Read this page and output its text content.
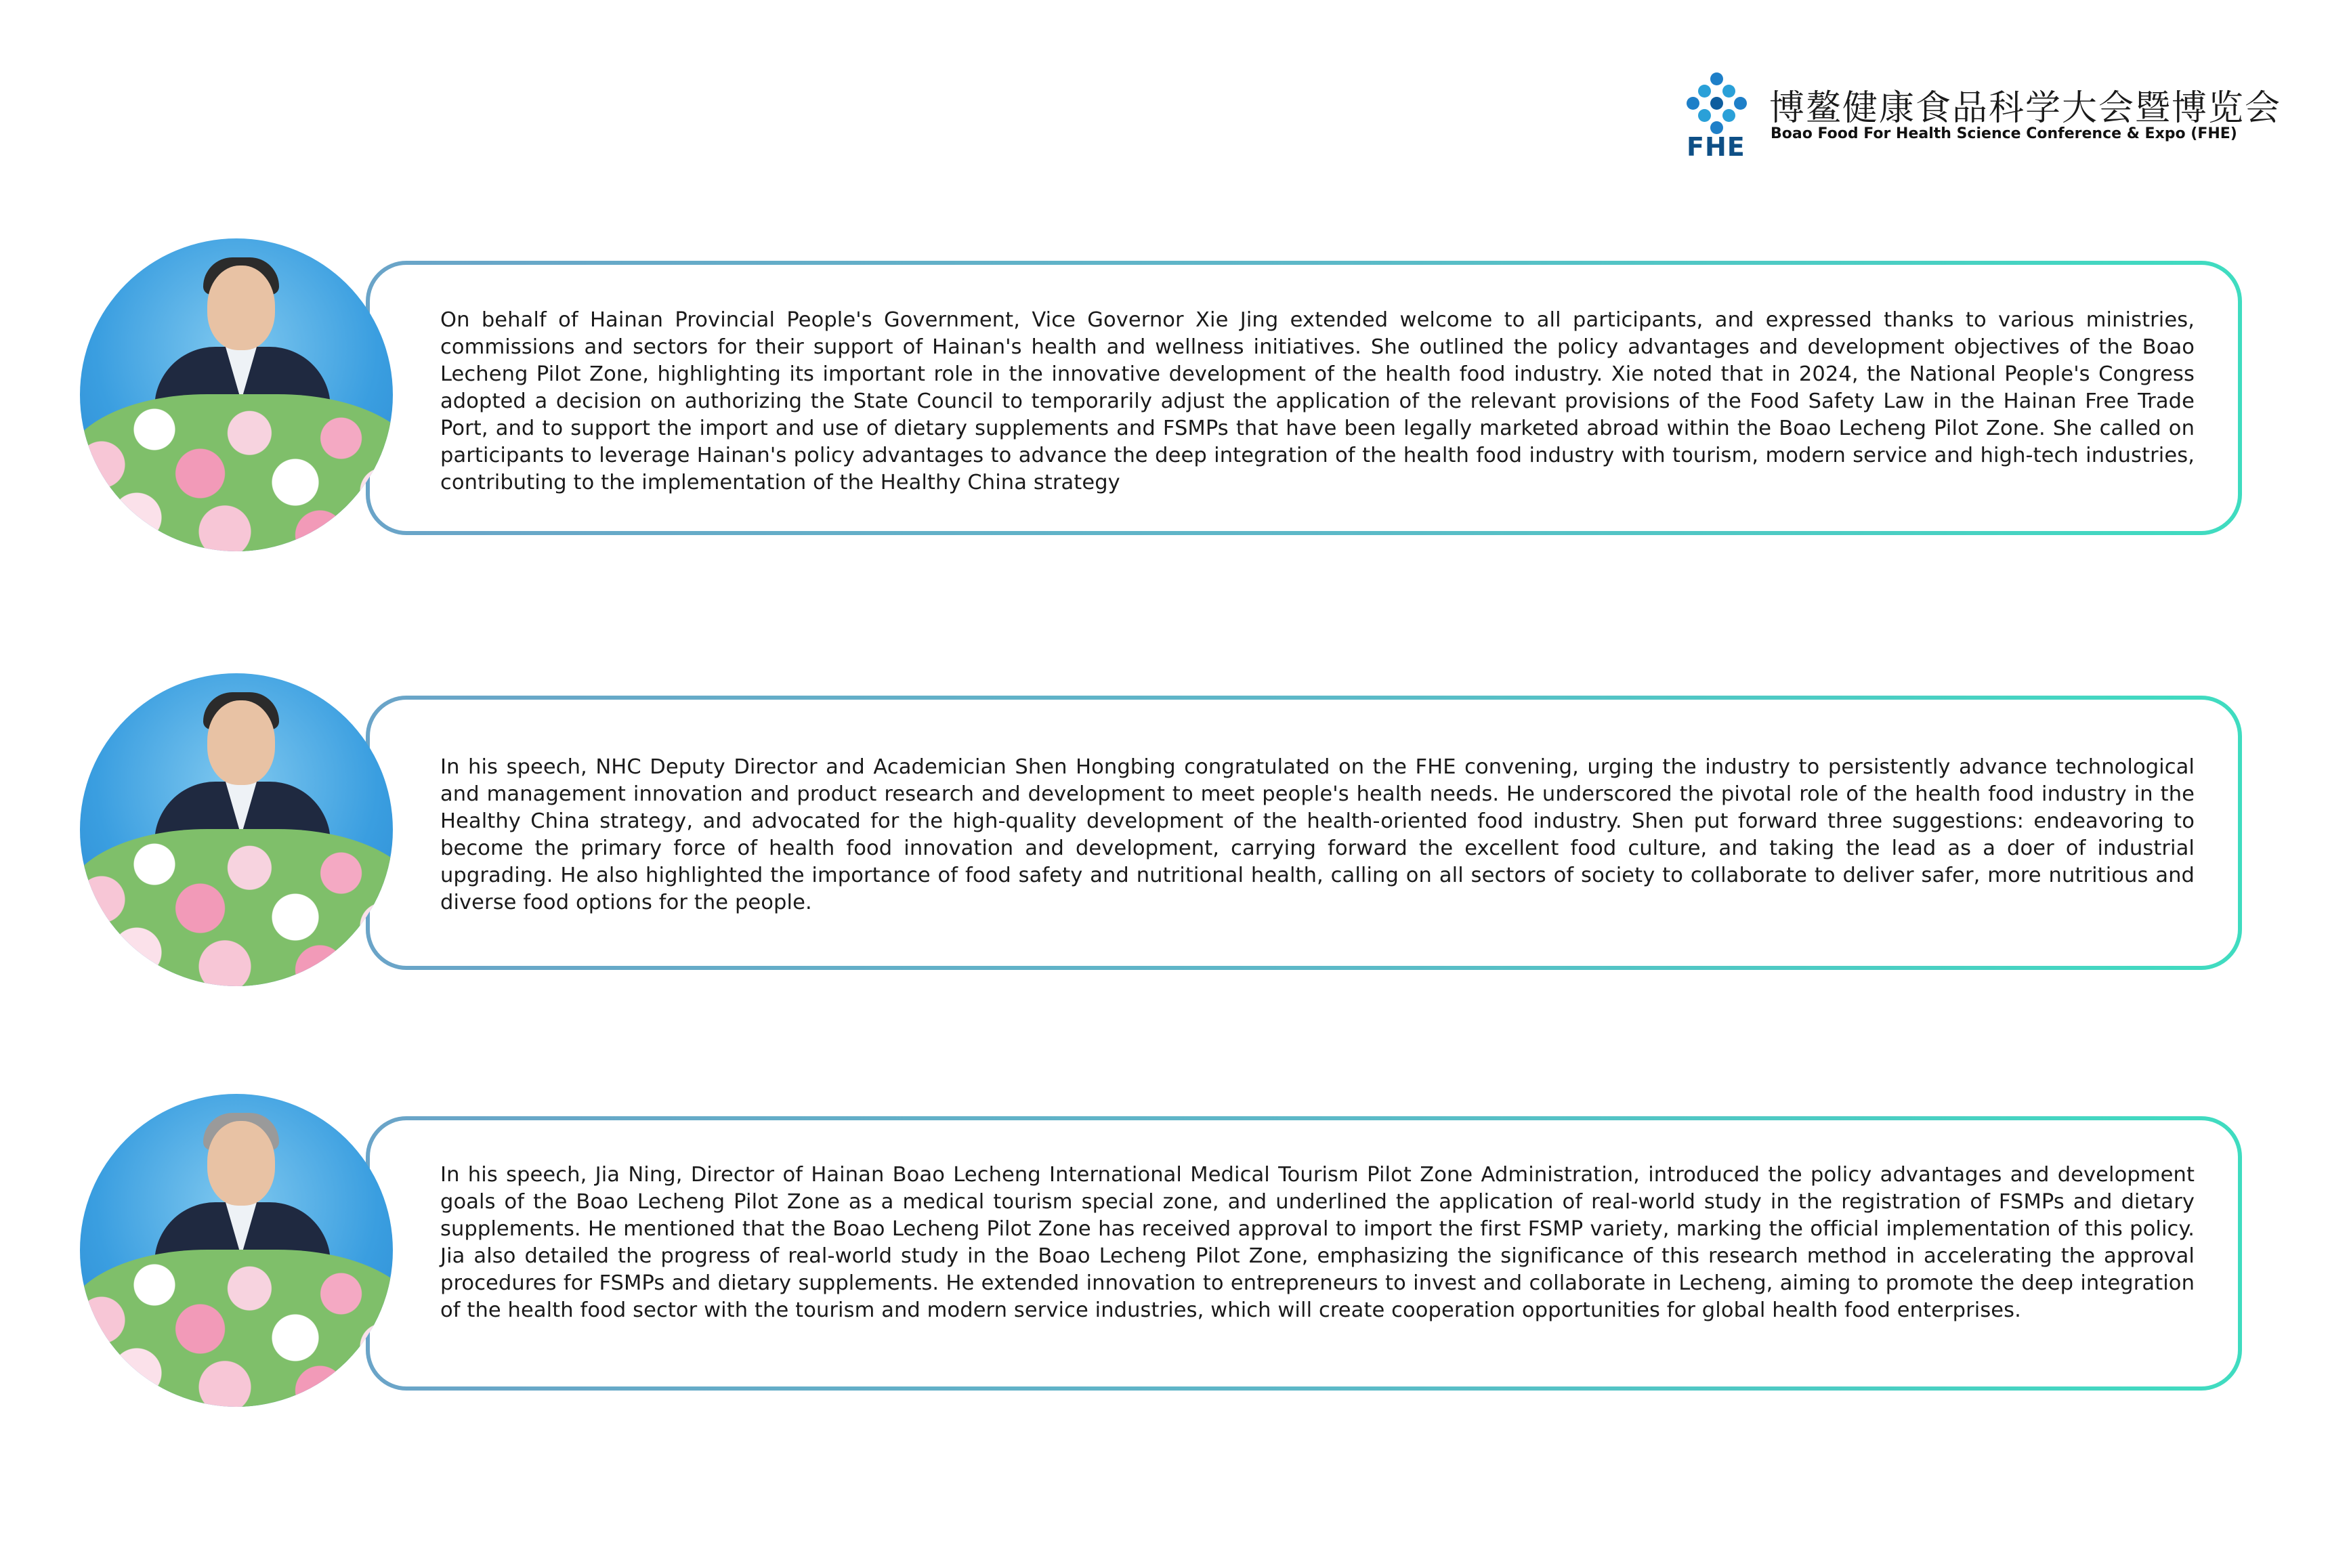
FHE
博鳌健康食品科学大会暨博览会
Boao Food For Health Science Conference & Expo (FHE)
On behalf of Hainan Provincial People's Government, Vice Governor Xie Jing extended welcome to all participants, and expressed thanks to various ministries, commissions and sectors for their support of Hainan's health and wellness initiatives. She outlined the policy advantages and development objectives of the Boao Lecheng Pilot Zone, highlighting its important role in the innovative development of the health food industry. Xie noted that in 2024, the National People's Congress adopted a decision on authorizing the State Council to temporarily adjust the application of the relevant provisions of the Food Safety Law in the Hainan Free Trade Port, and to support the import and use of dietary supplements and FSMPs that have been legally marketed abroad within the Boao Lecheng Pilot Zone. She called on participants to leverage Hainan's policy advantages to advance the deep integration of the health food industry with tourism, modern service and high-tech industries, contributing to the implementation of the Healthy China strategy
In his speech, NHC Deputy Director and Academician Shen Hongbing congratulated on the FHE convening, urging the industry to persistently advance technological and management innovation and product research and development to meet people's health needs. He underscored the pivotal role of the health food industry in the Healthy China strategy, and advocated for the high-quality development of the health-oriented food industry. Shen put forward three suggestions: endeavoring to become the primary force of health food innovation and development, carrying forward the excellent food culture, and taking the lead as a doer of industrial upgrading. He also highlighted the importance of food safety and nutritional health, calling on all sectors of society to collaborate to deliver safer, more nutritious and diverse food options for the people.
In his speech, Jia Ning, Director of Hainan Boao Lecheng International Medical Tourism Pilot Zone Administration, introduced the policy advantages and development goals of the Boao Lecheng Pilot Zone as a medical tourism special zone, and underlined the application of real-world study in the registration of FSMPs and dietary supplements. He mentioned that the Boao Lecheng Pilot Zone has received approval to import the first FSMP variety, marking the official implementation of this policy. Jia also detailed the progress of real-world study in the Boao Lecheng Pilot Zone, emphasizing the significance of this research method in accelerating the approval procedures for FSMPs and dietary supplements. He extended innovation to entrepreneurs to invest and collaborate in Lecheng, aiming to promote the deep integration of the health food sector with the tourism and modern service industries, which will create cooperation opportunities for global health food enterprises.
